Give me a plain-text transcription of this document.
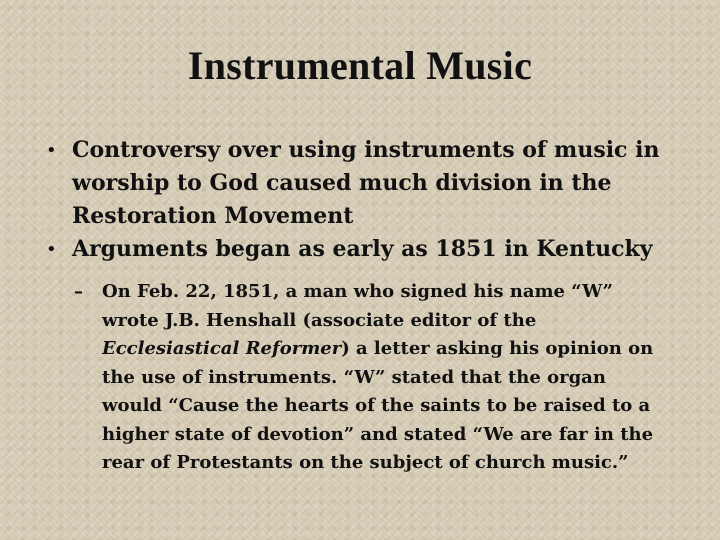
Instrumental Music
• Controversy over using instruments of music in worship to God caused much division in the Restoration Movement
• Arguments began as early as 1851 in Kentucky
–	On Feb. 22, 1851, a man who signed his name “W” wrote J.B. Henshall (associate editor of the Ecclesiastical Reformer) a letter asking his opinion on the use of instruments. “W” stated that the organ would “Cause the hearts of the saints to be raised to a higher state of devotion” and stated “We are far in the rear of Protestants on the subject of church music.”
